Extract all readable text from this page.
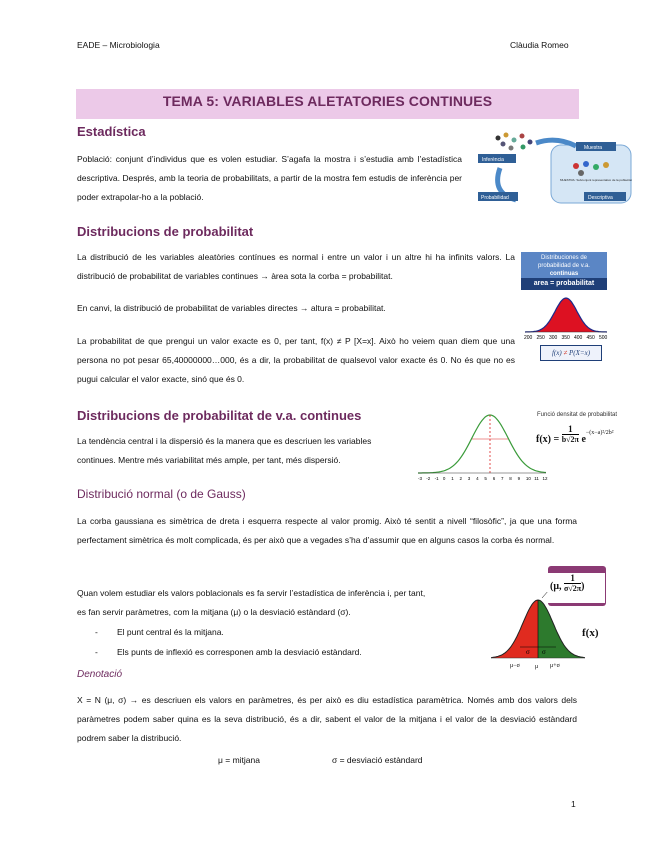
EADE – Microbiologia	Clàudia Romeo
TEMA 5: VARIABLES ALETATORIES CONTINUES
Estadística
Població: conjunt d’individus que es volen estudiar. S’agafa la mostra i s’estudia amb l’estadística descriptiva. Després, amb la teoria de probabilitats, a partir de la mostra fem estudis de inferència per poder extrapolar-ho a la població.
Inferència
Muestra
Probabilidad	Descriptiva
MUESTRA: Subconjunt representativo de la población
Distribucions de probabilitat
La distribució de les variables aleatòries contínues es normal i entre un valor i un altre hi ha infinits valors. La distribució de probabilitat de variables continues → àrea sota la corba = probabilitat.
En canvi, la distribució de probabilitat de variables directes → altura = probabilitat.
La probabilitat de que prengui un valor exacte es 0, per tant, f(x) ≠ P [X=x]. Això ho veiem quan diem que una persona no pot pesar 65,40000000…000, és a dir, la probabilitat de qualsevol valor exacte és 0. No és que no es pugui calcular el valor exacte, sinó que és 0.
Distribuciones de
probabilidad de v.a.
continuas
area = probabilitat
200 250 300 350 400 450 500
f(x) ≠ P(X=x)
Distribucions de probabilitat de v.a. continues
La tendència central i la dispersió és la manera que es descriuen les variables continues. Mentre més variabilitat més ample, per tant, més dispersió.
-3 -2 -1 0 1 2 3 4 5 6 7 8 9 10 11 12
Funció densitat de probabilitat
$f(x) = \frac{1}{b√2\pi} e^{-(x-a)^2/2b^2}$
Distribució normal (o de Gauss)
La corba gaussiana es simètrica de dreta i esquerra respecte al valor promig. Això té sentit a nivell “filosòfic”, ja que una forma perfectament simètrica és molt complicada, és per això que a vegades s’ha d’assumir que en alguns casos la corba és normal.
Quan volem estudiar els valors poblacionals es fa servir l’estadística de inferència i, per tant,
es fan servir paràmetres, com la mitjana (μ) o la desviació estàndard (σ).
- El punt central és la mitjana.
- Els punts de inflexió es corresponen amb la desviació estàndard.
Denotació
X = N (μ, σ) → es descriuen els valors en paràmetres, és per això es diu estadística paramètrica. Només amb dos valors dels paràmetres podem saber quina es la seva distribució, és a dir, sabent el valor de la mitjana i el valor de la desviació estàndard podrem saber la distribució.
μ = mitjana	σ = desviació estàndard
(μ, $\frac{1}{\sigma√2\pi}$ )
σ σ
μ−σ	μ μ+σ
f(x)
1
